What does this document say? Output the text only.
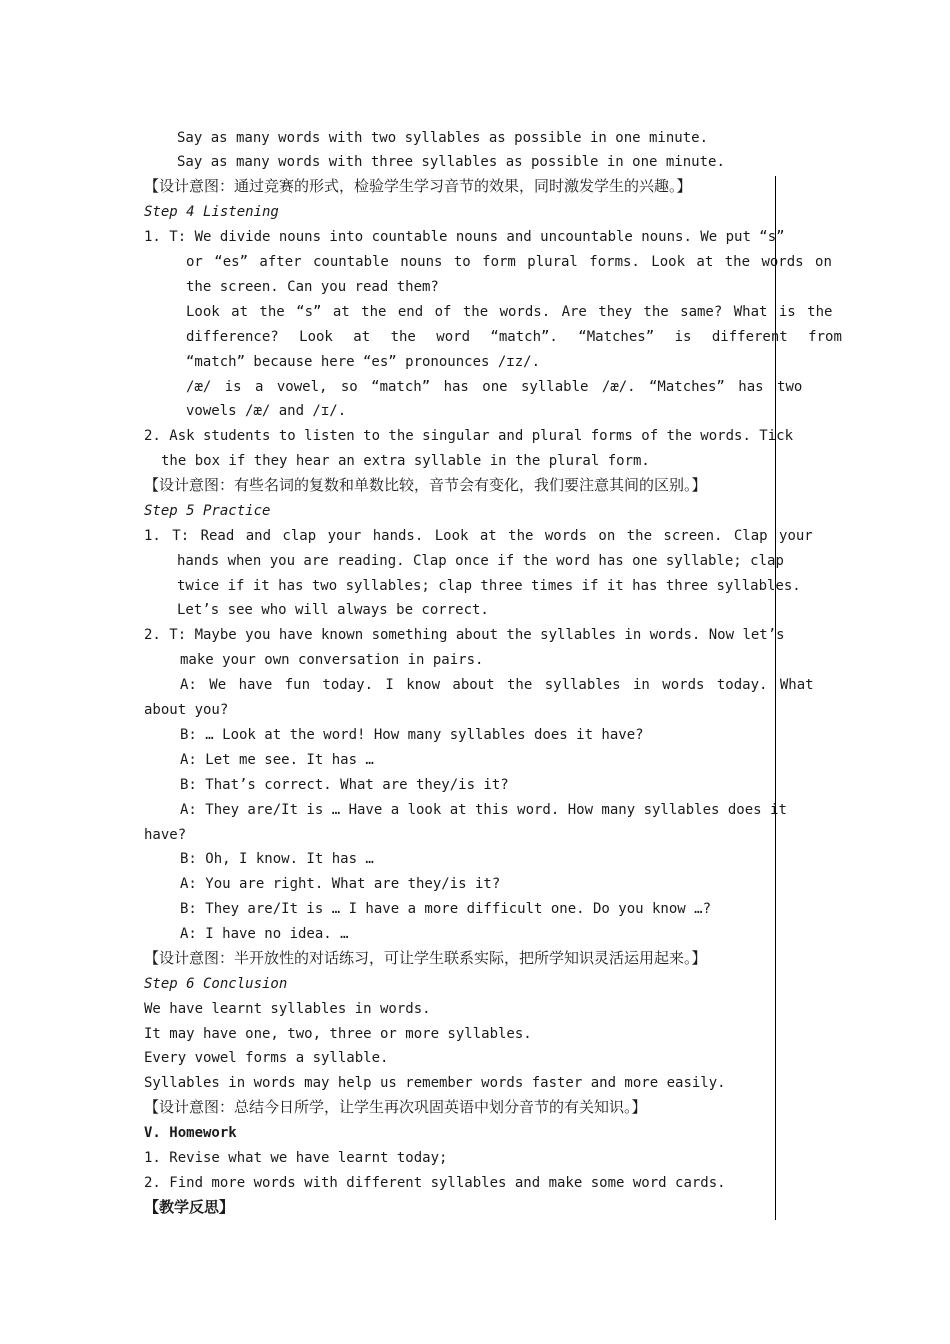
Say as many words with two syllables as possible in one minute.
Say as many words with three syllables as possible in one minute.
【设计意图：通过竞赛的形式，检验学生学习音节的效果，同时激发学生的兴趣。】
Step 4 Listening
1. T: We divide nouns into countable nouns and uncountable nouns. We put “s”
or “es” after countable nouns to form plural forms. Look at the words on
the screen. Can you read them?
Look at the “s” at the end of the words. Are they the same? What is the
difference? Look at the word “match”. “Matches” is different from
“match” because here “es” pronounces /ɪz/.
/æ/ is a vowel, so “match” has one syllable /æ/. “Matches” has two
vowels /æ/ and /ɪ/.
2. Ask students to listen to the singular and plural forms of the words. Tick
the box if they hear an extra syllable in the plural form.
【设计意图：有些名词的复数和单数比较，音节会有变化，我们要注意其间的区别。】
Step 5 Practice
1. T: Read and clap your hands. Look at the words on the screen. Clap your
hands when you are reading. Clap once if the word has one syllable; clap
twice if it has two syllables; clap three times if it has three syllables.
Let’s see who will always be correct.
2. T: Maybe you have known something about the syllables in words. Now let’s
make your own conversation in pairs.
A: We have fun today. I know about the syllables in words today. What
about you?
B: … Look at the word! How many syllables does it have?
A: Let me see. It has …
B: That’s correct. What are they/is it?
A: They are/It is … Have a look at this word. How many syllables does it
have?
B: Oh, I know. It has …
A: You are right. What are they/is it?
B: They are/It is … I have a more difficult one. Do you know …?
A: I have no idea. …
【设计意图：半开放性的对话练习，可让学生联系实际，把所学知识灵活运用起来。】
Step 6 Conclusion
We have learnt syllables in words.
It may have one, two, three or more syllables.
Every vowel forms a syllable.
Syllables in words may help us remember words faster and more easily.
【设计意图：总结今日所学，让学生再次巩固英语中划分音节的有关知识。】
V. Homework
1. Revise what we have learnt today;
2. Find more words with different syllables and make some word cards.
【教学反思】
